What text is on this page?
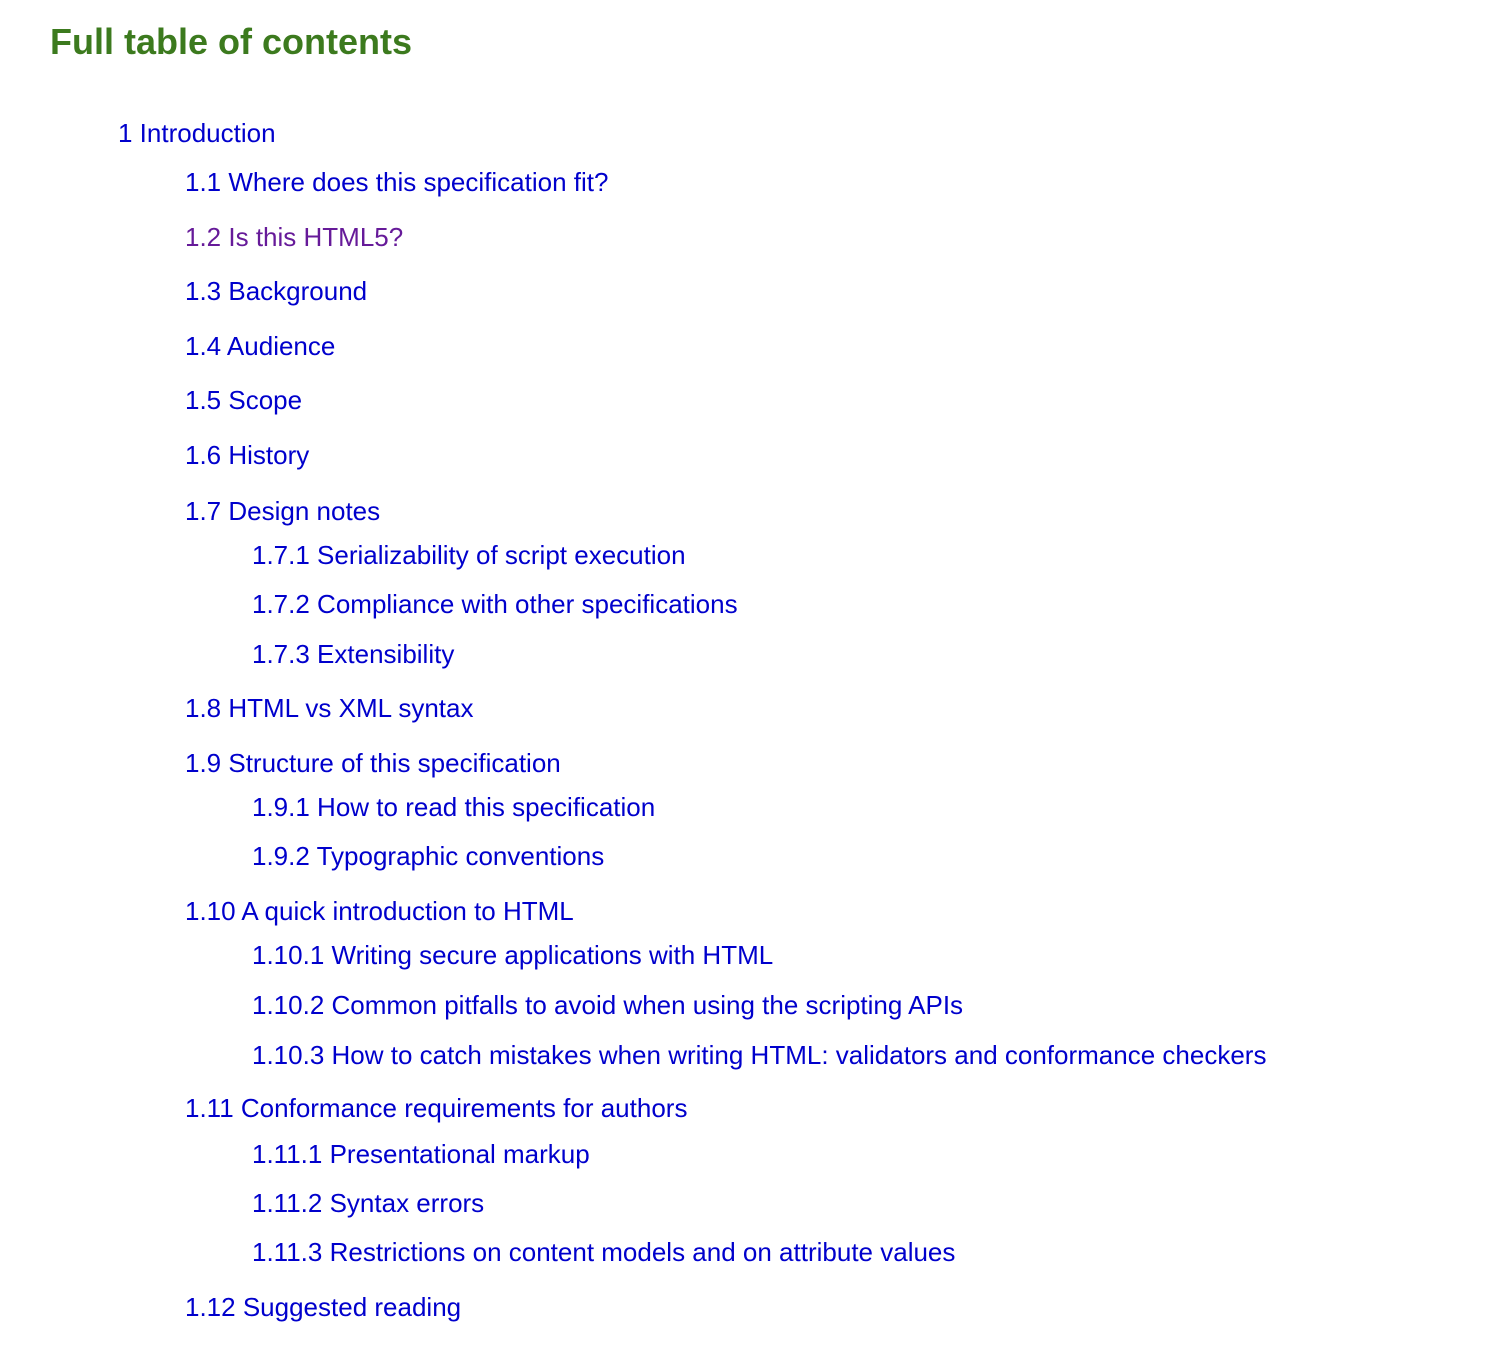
Full table of contents
1 Introduction
1.1 Where does this specification fit?
1.2 Is this HTML5?
1.3 Background
1.4 Audience
1.5 Scope
1.6 History
1.7 Design notes
1.7.1 Serializability of script execution
1.7.2 Compliance with other specifications
1.7.3 Extensibility
1.8 HTML vs XML syntax
1.9 Structure of this specification
1.9.1 How to read this specification
1.9.2 Typographic conventions
1.10 A quick introduction to HTML
1.10.1 Writing secure applications with HTML
1.10.2 Common pitfalls to avoid when using the scripting APIs
1.10.3 How to catch mistakes when writing HTML: validators and conformance checkers
1.11 Conformance requirements for authors
1.11.1 Presentational markup
1.11.2 Syntax errors
1.11.3 Restrictions on content models and on attribute values
1.12 Suggested reading
